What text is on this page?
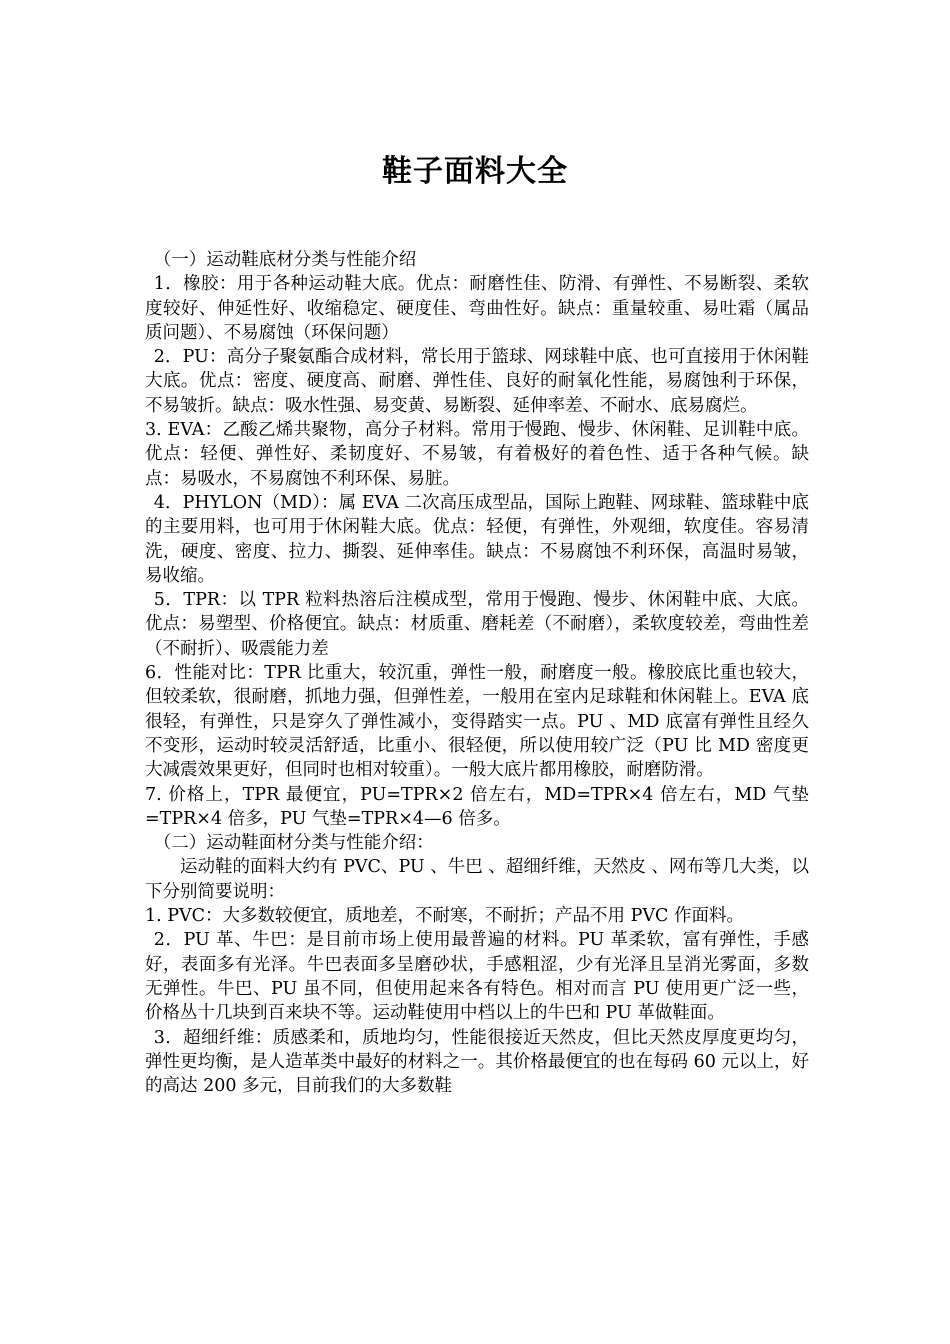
鞋子面料大全

（一）运动鞋底材分类与性能介绍

1．橡胶：用于各种运动鞋大底。优点：耐磨性佳、防滑、有弹性、不易断裂、柔软度较好、伸延性好、收缩稳定、硬度佳、弯曲性好。缺点：重量较重、易吐霜（属品质问题）、不易腐蚀（环保问题）

2．PU：高分子聚氨酯合成材料，常长用于篮球、网球鞋中底、也可直接用于休闲鞋大底。优点：密度、硬度高、耐磨、弹性佳、良好的耐氧化性能，易腐蚀利于环保，不易皱折。缺点：吸水性强、易变黄、易断裂、延伸率差、不耐水、底易腐烂。

3. EVA：乙酸乙烯共聚物，高分子材料。常用于慢跑、慢步、休闲鞋、足训鞋中底。优点：轻便、弹性好、柔韧度好、不易皱，有着极好的着色性、适于各种气候。缺点：易吸水，不易腐蚀不利环保、易脏。

4．PHYLON（MD）：属 EVA 二次高压成型品，国际上跑鞋、网球鞋、篮球鞋中底的主要用料，也可用于休闲鞋大底。优点：轻便，有弹性，外观细，软度佳。容易清洗，硬度、密度、拉力、撕裂、延伸率佳。缺点：不易腐蚀不利环保，高温时易皱，易收缩。

5．TPR：以 TPR 粒料热溶后注模成型，常用于慢跑、慢步、休闲鞋中底、大底。优点：易塑型、价格便宜。缺点：材质重、磨耗差（不耐磨），柔软度较差，弯曲性差（不耐折）、吸震能力差

6．性能对比：TPR 比重大，较沉重，弹性一般，耐磨度一般。橡胶底比重也较大，但较柔软，很耐磨，抓地力强，但弹性差，一般用在室内足球鞋和休闲鞋上。EVA 底很轻，有弹性，只是穿久了弹性减小，变得踏实一点。PU 、MD 底富有弹性且经久不变形，运动时较灵活舒适，比重小、很轻便，所以使用较广泛（PU 比 MD 密度更大减震效果更好，但同时也相对较重）。一般大底片都用橡胶，耐磨防滑。

7. 价格上，TPR 最便宜，PU=TPR×2 倍左右，MD=TPR×4 倍左右，MD 气垫=TPR×4 倍多，PU 气垫=TPR×4—6 倍多。

（二）运动鞋面材分类与性能介绍：

运动鞋的面料大约有 PVC、PU 、牛巴 、超细纤维，天然皮 、网布等几大类，以下分别简要说明：

1. PVC：大多数较便宜，质地差，不耐寒，不耐折；产品不用 PVC 作面料。

2．PU 革、牛巴：是目前市场上使用最普遍的材料。PU 革柔软，富有弹性，手感好，表面多有光泽。牛巴表面多呈磨砂状，手感粗涩，少有光泽且呈消光雾面，多数无弹性。牛巴、PU 虽不同，但使用起来各有特色。相对而言 PU 使用更广泛一些，价格丛十几块到百来块不等。运动鞋使用中档以上的牛巴和 PU 革做鞋面。

3．超细纤维：质感柔和，质地均匀，性能很接近天然皮，但比天然皮厚度更均匀，弹性更均衡，是人造革类中最好的材料之一。其价格最便宜的也在每码 60 元以上，好的高达 200 多元，目前我们的大多数鞋
